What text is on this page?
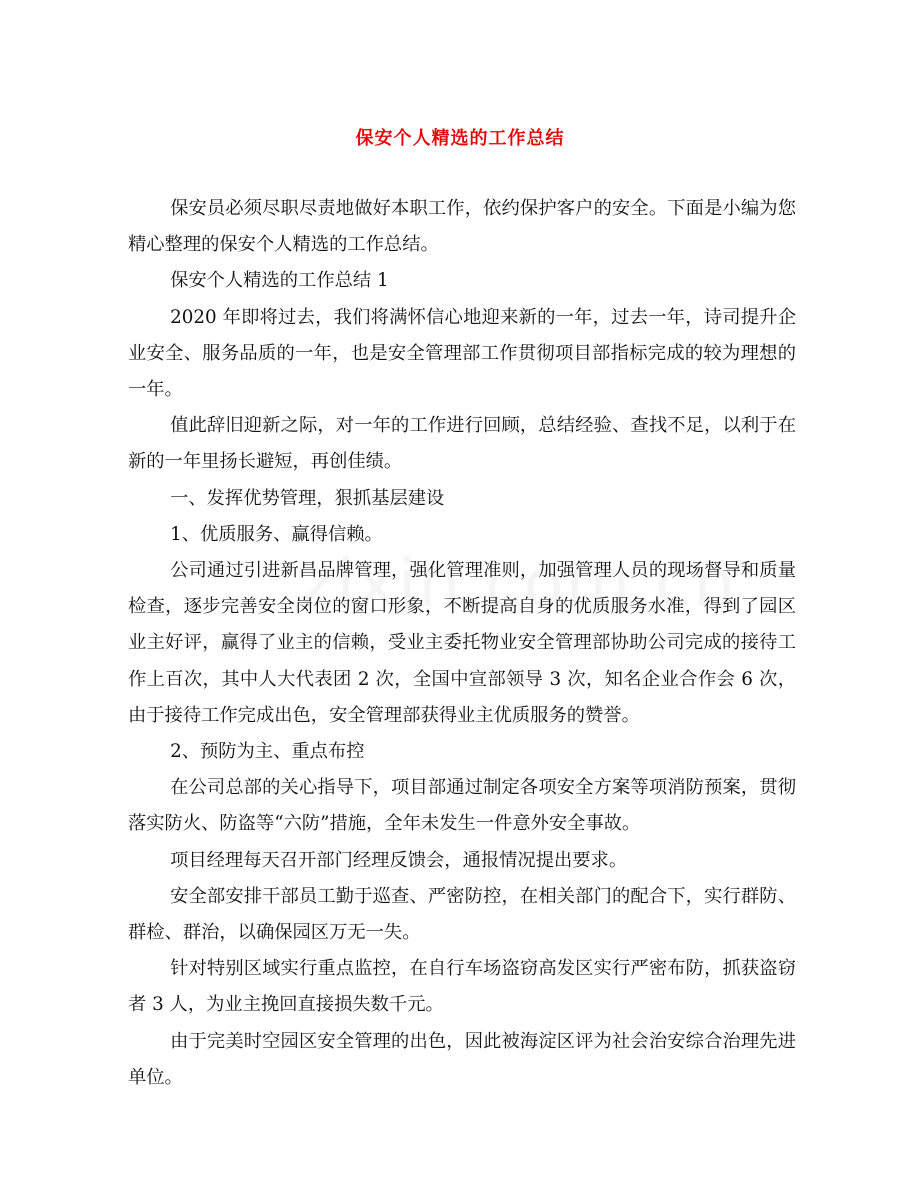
保安个人精选的工作总结

保安员必须尽职尽责地做好本职工作，依约保护客户的安全。下面是小编为您精心整理的保安个人精选的工作总结。

保安个人精选的工作总结 1

2020 年即将过去，我们将满怀信心地迎来新的一年，过去一年，诗司提升企业安全、服务品质的一年，也是安全管理部工作贯彻项目部指标完成的较为理想的一年。

值此辞旧迎新之际，对一年的工作进行回顾，总结经验、查找不足，以利于在新的一年里扬长避短，再创佳绩。

一、发挥优势管理，狠抓基层建设

1、优质服务、赢得信赖。

公司通过引进新昌品牌管理，强化管理准则，加强管理人员的现场督导和质量检查，逐步完善安全岗位的窗口形象，不断提高自身的优质服务水准，得到了园区业主好评，赢得了业主的信赖，受业主委托物业安全管理部协助公司完成的接待工作上百次，其中人大代表团 2 次，全国中宣部领导 3 次，知名企业合作会 6 次，由于接待工作完成出色，安全管理部获得业主优质服务的赞誉。

2、预防为主、重点布控

在公司总部的关心指导下，项目部通过制定各项安全方案等项消防预案，贯彻落实防火、防盗等“六防”措施，全年未发生一件意外安全事故。

项目经理每天召开部门经理反馈会，通报情况提出要求。

安全部安排干部员工勤于巡查、严密防控，在相关部门的配合下，实行群防、群检、群治，以确保园区万无一失。

针对特别区域实行重点监控，在自行车场盗窃高发区实行严密布防，抓获盗窃者 3 人，为业主挽回直接损失数千元。

由于完美时空园区安全管理的出色，因此被海淀区评为社会治安综合治理先进单位。
